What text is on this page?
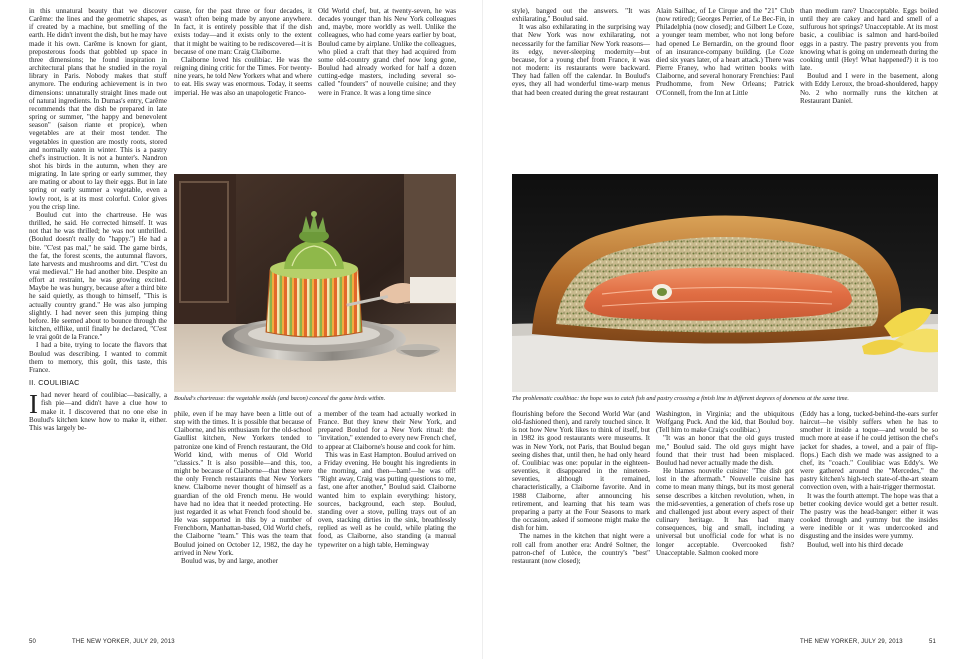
in this unnatural beauty that we discover Carême: the lines and the geometric shapes, as if created by a machine, but smelling of the earth. He didn't invent the dish, but he may have made it his own. Carême is known for giant, preposterous foods that gobbled up space in three dimensions; he found inspiration in architectural plans that he studied in the royal library in Paris. Nobody makes that stuff anymore. The enduring achievement is in two dimensions: unnaturally straight lines made out of natural ingredients. In Dumas's entry, Carême recommends that the dish be prepared in late spring or summer, "the happy and benevolent season" (saison riante et propice), when vegetables are at their most tender. The vegetables in question are mostly roots, stored and normally eaten in winter. This is a pastry chef's instruction. It is not a hunter's. Nandron shot his birds in the autumn, when they are migrating. In late spring or early summer, they are mating or about to lay their eggs. But in late spring or early summer a vegetable, even a lowly root, is at its most colorful. Color gives you the crisp line.

Boulud cut into the chartreuse. He was thrilled, he said. He corrected himself. It was not that he was thrilled; he was not unthrilled. (Boulud doesn't really do "happy.") He had a bite. "C'est pas mal," he said. The game birds, the fat, the forest scents, the autumnal flavors, late harvests and mushrooms and dirt. "C'est du vrai medieval." He had another bite. Despite an effort at restraint, he was growing excited. Maybe he was hungry, because after a third bite he said quietly, as though to himself, "This is actually country grand." He was also jumping slightly. I had never seen this jumping thing before. He seemed about to bounce through the kitchen, elflike, until finally he declared, "C'est le vrai goût de la France."

I had a bite, trying to locate the flavors that Boulud was describing. I wanted to commit them to memory, this goût, this taste, this France.

II. COULIBIAC

Ihad never heard of coulibiac—basically, a fish pie—and didn't have a clue how to make it. I discovered that no one else in Boulud's kitchen knew how to make it, either. This was largely be-

cause, for the past three or four decades, it wasn't often being made by anyone anywhere. In fact, it is entirely possible that if the dish exists today—and it exists only to the extent that it might be waiting to be rediscovered—it is because of one man: Craig Claiborne.

Claiborne loved his coulibiac. He was the reigning dining critic for the Times. For twenty-nine years, he told New Yorkers what and where to eat. His sway was enormous. Today, it seems imperial. He was also an unapologetic Franco-

Old World chef, but, at twenty-seven, he was decades younger than his New York colleagues and, maybe, more worldly as well. Unlike the colleagues, who had come years earlier by boat, Boulud came by airplane. Unlike the colleagues, who plied a craft that they had acquired from some old-country grand chef now long gone, Boulud had already worked for half a dozen cutting-edge masters, including several so-called "founders" of nouvelle cuisine; and they were in France. It was a long time since

Boulud's chartreuse: the vegetable molds (and bacon) conceal the game birds within.

phile, even if he may have been a little out of step with the times. It is possible that because of Claiborne, and his enthusiasm for the old-school Gaullist kitchen, New Yorkers tended to patronize one kind of French restaurant, the Old World kind, with menus of Old World "classics." It is also possible—and this, too, might be because of Claiborne—that these were the only French restaurants that New Yorkers knew. Claiborne never thought of himself as a guardian of the old French menu. He would have had no idea that it needed protecting. He just regarded it as what French food should be. He was supported in this by a number of Frenchborn, Manhattan-based, Old World chefs, the Claiborne "team." This was the team that Boulud joined on October 12, 1982, the day he arrived in New York.

Boulud was, by and large, another

a member of the team had actually worked in France. But they knew their New York, and prepared Boulud for a New York ritual: the "invitation," extended to every new French chef, to appear at Claiborne's house and cook for him.

This was in East Hampton. Boulud arrived on a Friday evening. He bought his ingredients in the morning, and then—bam!—he was off! "Right away, Craig was putting questions to me, fast, one after another," Boulud said. Claiborne wanted him to explain everything: history, sources, background, each step. Boulud, standing over a stove, pulling trays out of an oven, stacking dirties in the sink, breathlessly replied as well as he could, while plating the food, as Claiborne, also standing (a manual typewriter on a high table, Hemingway

50	THE NEW YORKER, JULY 29, 2013

style), banged out the answers. "It was exhilarating," Boulud said.

It was also exhilarating in the surprising way that New York was now exhilarating, not necessarily for the familiar New York reasons—its edgy, never-sleeping modernity—but because, for a young chef from France, it was not modern: its restaurants were backward. They had fallen off the calendar. In Boulud's eyes, they all had wonderful time-warp menus that had been created during the great restaurant

Alain Sailhac, of Le Cirque and the "21" Club (now retired); Georges Perrier, of Le Bec-Fin, in Philadelphia (now closed); and Gilbert Le Coze, a younger team member, who not long before had opened Le Bernardin, on the ground floor of an insurance-company building. (Le Coze died six years later, of a heart attack.) There was Pierre Franey, who had written books with Claiborne, and several honorary Frenchies: Paul Prudhomme, from New Orleans; Patrick O'Connell, from the Inn at Little

than medium rare? Unacceptable. Eggs boiled until they are cakey and hard and smell of a sulfurous hot springs? Unacceptable. At its most basic, a coulibiac is salmon and hard-boiled eggs in a pastry. The pastry prevents you from knowing what is going on underneath during the cooking until (Hey! What happened?) it is too late.

Boulud and I were in the basement, along with Eddy Leroux, the broad-shouldered, happy No. 2 who normally runs the kitchen at Restaurant Daniel.

The problematic coulibiac: the hope was to catch fish and pastry crossing a finish line in different degrees of doneness at the same time.

flourishing before the Second World War (and old-fashioned then), and rarely touched since. It is not how New York likes to think of itself, but in 1982 its good restaurants were museums. It was in New York, not Paris, that Boulud began seeing dishes that, until then, he had only heard of. Coulibiac was one: popular in the eighteen-seventies, it disappeared in the nineteen-seventies, although it remained, characteristically, a Claiborne favorite. And in 1988 Claiborne, after announcing his retirement, and learning that his team was preparing a party at the Four Seasons to mark the occasion, asked if someone might make the dish for him.

The names in the kitchen that night were a roll call from another era: André Soltner, the patron-chef of Lutèce, the country's "best" restaurant (now closed);

Washington, in Virginia; and the ubiquitous Wolfgang Puck. And the kid, that Boulud boy. (Tell him to make Craig's coulibiac.)

"It was an honor that the old guys trusted me," Boulud said. The old guys might have found that their trust had been misplaced. Boulud had never actually made the dish.

He blames nouvelle cuisine: "The dish got lost in the aftermath." Nouvelle cuisine has come to mean many things, but its most general sense describes a kitchen revolution, when, in the mid-seventies, a generation of chefs rose up and challenged just about every aspect of their culinary heritage. It has had many consequences, big and small, including a universal but unofficial code for what is no longer acceptable. Overcooked fish? Unacceptable. Salmon cooked more

(Eddy has a long, tucked-behind-the-ears surfer haircut—he visibly suffers when he has to smother it inside a toque—and would be so much more at ease if he could jettison the chef's jacket for shades, a towel, and a pair of flip-flops.) Each dish we made was assigned to a chef, its "coach." Coulibiac was Eddy's. We were gathered around the "Mercedes," the pastry kitchen's high-tech state-of-the-art steam convection oven, with a hair-trigger thermostat.

It was the fourth attempt. The hope was that a better cooking device would get a better result. The pastry was the head-banger: either it was cooked through and yummy but the insides were inedible or it was undercooked and disgusting and the insides were yummy.

Boulud, well into his third decade

THE NEW YORKER, JULY 29, 2013	51
